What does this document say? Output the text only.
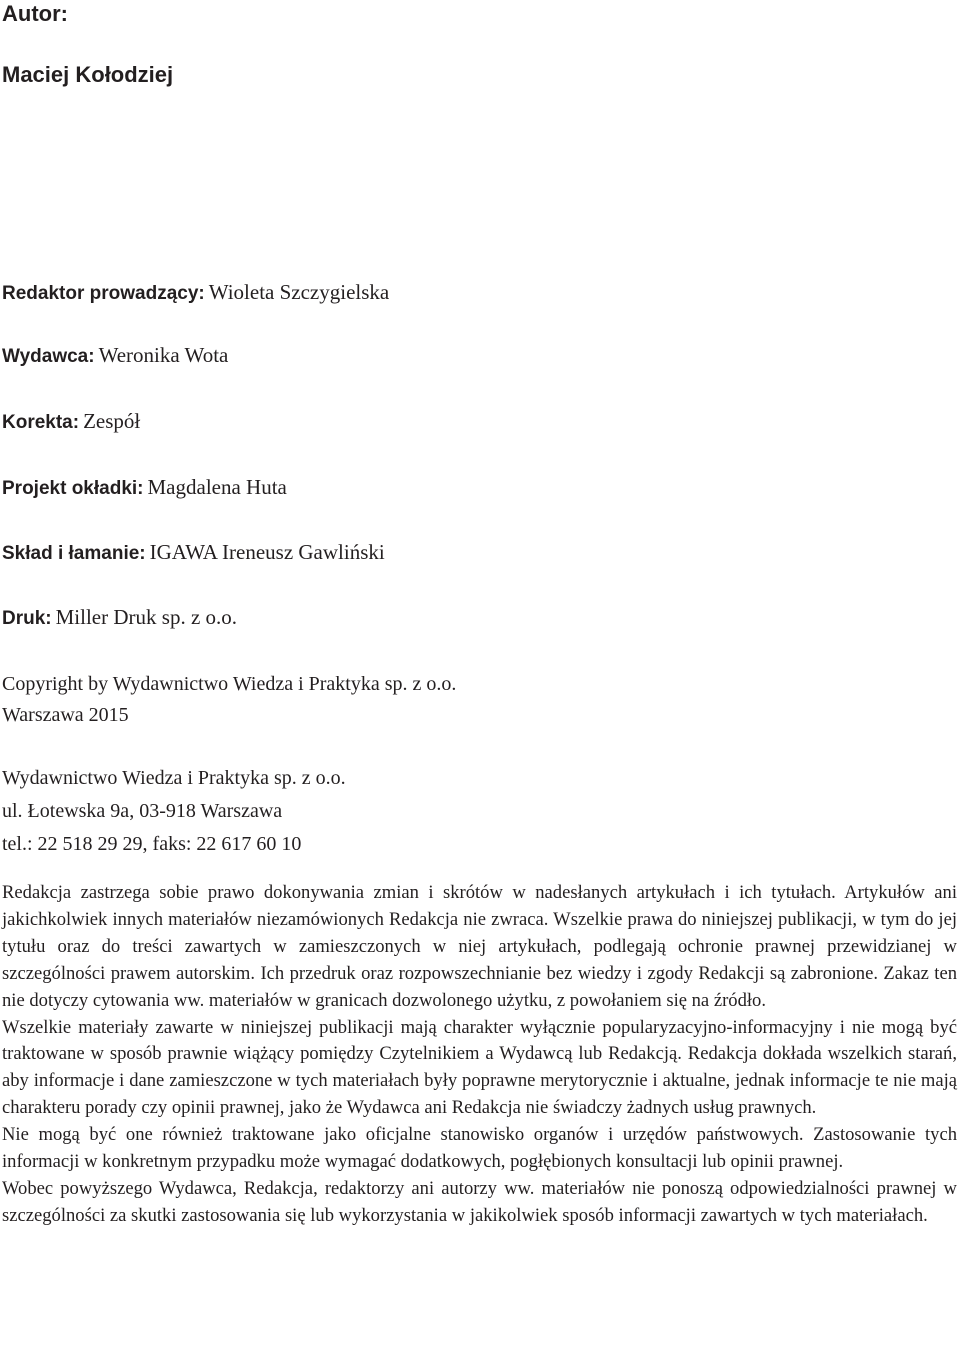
Autor:

Maciej Kołodziej

Redaktor prowadzący: Wioleta Szczygielska

Wydawca: Weronika Wota

Korekta: Zespół

Projekt okładki: Magdalena Huta

Skład i łamanie: IGAWA Ireneusz Gawliński

Druk: Miller Druk sp. z o.o.

Copyright by Wydawnictwo Wiedza i Praktyka sp. z o.o.

Warszawa 2015

Wydawnictwo Wiedza i Praktyka sp. z o.o.

ul. Łotewska 9a, 03-918 Warszawa

tel.: 22 518 29 29, faks: 22 617 60 10

Redakcja zastrzega sobie prawo dokonywania zmian i skrótów w nadesłanych artykułach i ich tytułach. Artykułów ani jakichkolwiek innych materiałów niezamówionych Redakcja nie zwraca. Wszelkie prawa do niniejszej publikacji, w tym do jej tytułu oraz do treści zawartych w zamieszczonych w niej artykułach, podlegają ochronie prawnej przewidzianej w szczególności prawem autorskim. Ich przedruk oraz rozpowszechnianie bez wiedzy i zgody Redakcji są zabronione. Zakaz ten nie dotyczy cytowania ww. materiałów w granicach dozwolonego użytku, z powołaniem się na źródło.

Wszelkie materiały zawarte w niniejszej publikacji mają charakter wyłącznie popularyzacyjno-informacyjny i nie mogą być traktowane w sposób prawnie wiążący pomiędzy Czytelnikiem a Wydawcą lub Redakcją. Redakcja dokłada wszelkich starań, aby informacje i dane zamieszczone w tych materiałach były poprawne merytorycznie i aktualne, jednak informacje te nie mają charakteru porady czy opinii prawnej, jako że Wydawca ani Redakcja nie świadczy żadnych usług prawnych.

Nie mogą być one również traktowane jako oficjalne stanowisko organów i urzędów państwowych. Zastosowanie tych informacji w konkretnym przypadku może wymagać dodatkowych, pogłębionych konsultacji lub opinii prawnej.

Wobec powyższego Wydawca, Redakcja, redaktorzy ani autorzy ww. materiałów nie ponoszą odpowiedzialności prawnej w szczególności za skutki zastosowania się lub wykorzystania w jakikolwiek sposób informacji zawartych w tych materiałach.
